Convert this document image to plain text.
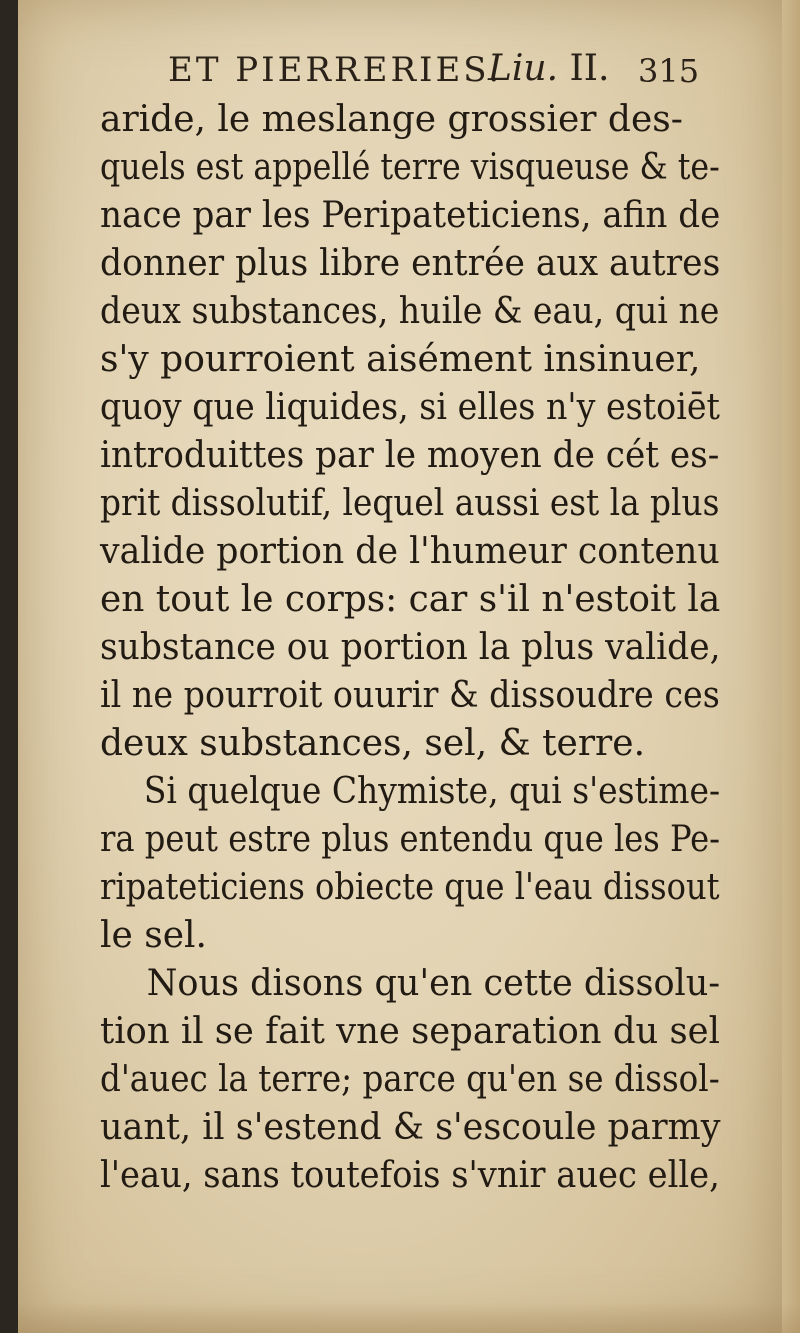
ET PIERRERIES.
Liu. II. 315
aride, le meslange grossier des-
quels est appellé terre visqueuse & te-
nace par les Peripateticiens, afin de
donner plus libre entrée aux autres
deux substances, huile & eau, qui ne
s'y pourroient aisément insinuer,
quoy que liquides, si elles n'y estoiēt
introduittes par le moyen de cét es-
prit dissolutif, lequel aussi est la plus
valide portion de l'humeur contenu
en tout le corps: car s'il n'estoit la
substance ou portion la plus valide,
il ne pourroit ouurir & dissoudre ces
deux substances, sel, & terre.
Si quelque Chymiste, qui s'estime-
ra peut estre plus entendu que les Pe-
ripateticiens obiecte que l'eau dissout
le sel.
Nous disons qu'en cette dissolu-
tion il se fait vne separation du sel
d'auec la terre; parce qu'en se dissol-
uant, il s'estend & s'escoule parmy
l'eau, sans toutefois s'vnir auec elle,
